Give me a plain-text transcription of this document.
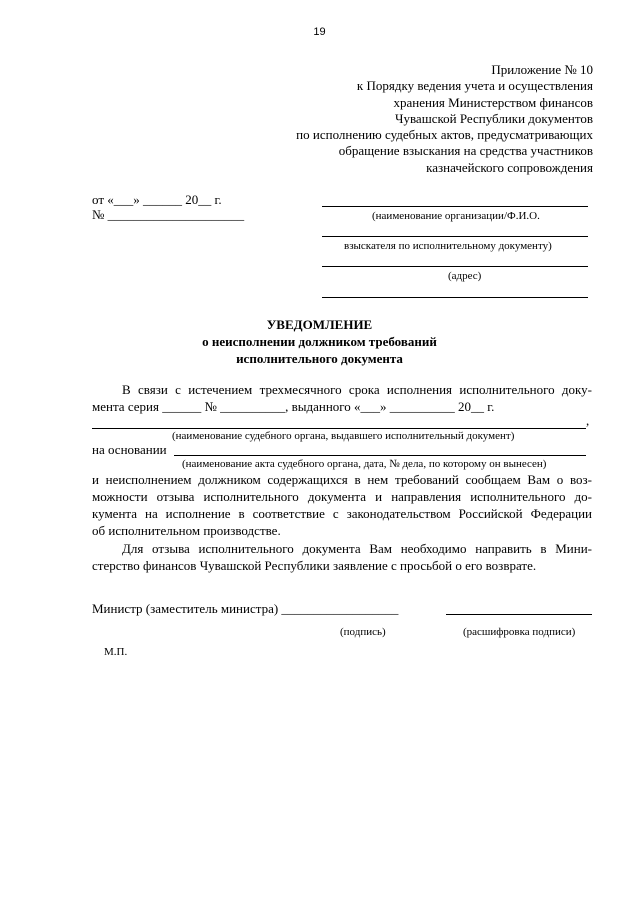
19
Приложение № 10
к Порядку ведения учета и осуществления
хранения Министерством финансов
Чувашской Республики документов
по исполнению судебных актов, предусматривающих
обращение взыскания на средства участников
казначейского сопровождения
от «___» ______ 20__ г.
№ _____________________	(наименование организации/Ф.И.О.
взыскателя по исполнительному документу)
(адрес)
УВЕДОМЛЕНИЕ
о неисполнении должником требований
исполнительного документа
В связи с истечением трехмесячного срока исполнения исполнительного доку-
мента серия ______ № __________, выданного «___» __________ 20__ г.
,
(наименование судебного органа, выдавшего исполнительный документ)
на основании
(наименование акта судебного органа, дата, № дела, по которому он вынесен)
и неисполнением должником содержащихся в нем требований сообщаем Вам о воз-
можности отзыва исполнительного документа и направления исполнительного до-
кумента на исполнение в соответствие с законодательством Российской Федерации
об исполнительном производстве.
Для отзыва исполнительного документа Вам необходимо направить в Мини-
стерство финансов Чувашской Республики заявление с просьбой о его возврате.
Министр (заместитель министра) __________________
(подпись)	(расшифровка подписи)
М.П.
